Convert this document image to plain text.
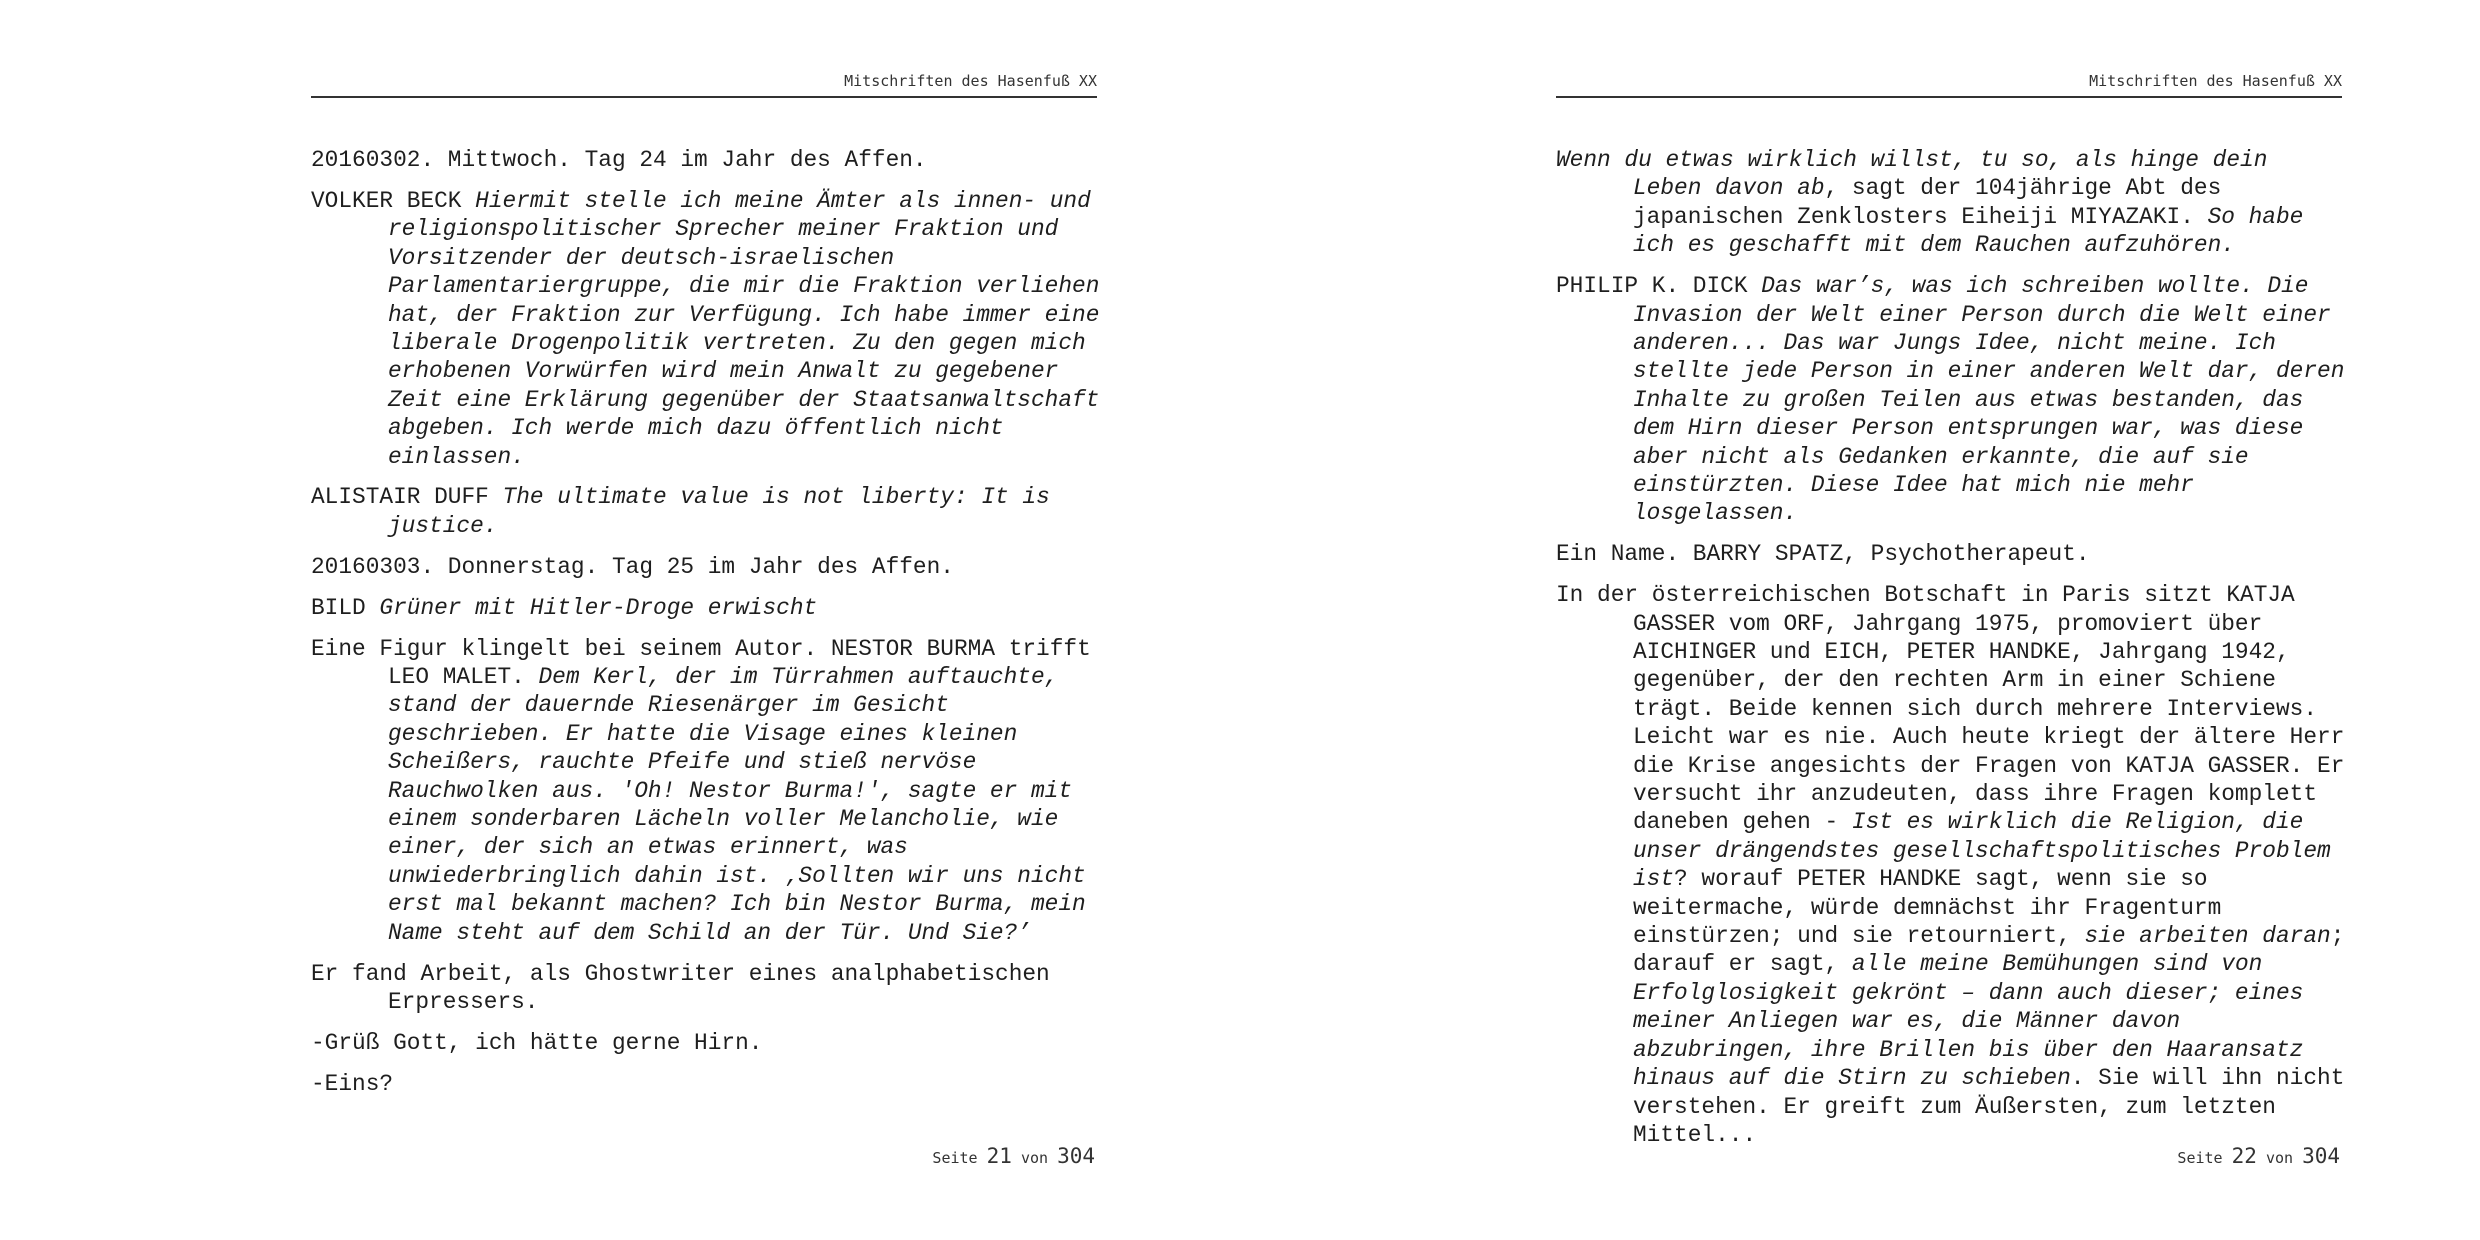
Mitschriften des Hasenfuß XX

20160302. Mittwoch. Tag 24 im Jahr des Affen.

VOLKER BECK Hiermit stelle ich meine Ämter als innen- und religionspolitischer Sprecher meiner Fraktion und Vorsitzender der deutsch-israelischen Parlamentariergruppe, die mir die Fraktion verliehen hat, der Fraktion zur Verfügung. Ich habe immer eine liberale Drogenpolitik vertreten. Zu den gegen mich erhobenen Vorwürfen wird mein Anwalt zu gegebener Zeit eine Erklärung gegenüber der Staatsanwaltschaft abgeben. Ich werde mich dazu öffentlich nicht einlassen.

ALISTAIR DUFF The ultimate value is not liberty: It is justice.

20160303. Donnerstag. Tag 25 im Jahr des Affen.

BILD Grüner mit Hitler-Droge erwischt

Eine Figur klingelt bei seinem Autor. NESTOR BURMA trifft LEO MALET. Dem Kerl, der im Türrahmen auftauchte, stand der dauernde Riesenärger im Gesicht geschrieben. Er hatte die Visage eines kleinen Scheißers, rauchte Pfeife und stieß nervöse Rauchwolken aus. 'Oh! Nestor Burma!', sagte er mit einem sonderbaren Lächeln voller Melancholie, wie einer, der sich an etwas erinnert, was unwiederbringlich dahin ist. ‚Sollten wir uns nicht erst mal bekannt machen? Ich bin Nestor Burma, mein Name steht auf dem Schild an der Tür. Und Sie?’

Er fand Arbeit, als Ghostwriter eines analphabetischen Erpressers.

-Grüß Gott, ich hätte gerne Hirn.

-Eins?

Seite 21 von 304
Mitschriften des Hasenfuß XX

Wenn du etwas wirklich willst, tu so, als hinge dein Leben davon ab, sagt der 104jährige Abt des japanischen Zenklosters Eiheiji MIYAZAKI. So habe ich es geschafft mit dem Rauchen aufzuhören.

PHILIP K. DICK Das war’s, was ich schreiben wollte. Die Invasion der Welt einer Person durch die Welt einer anderen... Das war Jungs Idee, nicht meine. Ich stellte jede Person in einer anderen Welt dar, deren Inhalte zu großen Teilen aus etwas bestanden, das dem Hirn dieser Person entsprungen war, was diese aber nicht als Gedanken erkannte, die auf sie einstürzten. Diese Idee hat mich nie mehr losgelassen.

Ein Name. BARRY SPATZ, Psychotherapeut.

In der österreichischen Botschaft in Paris sitzt KATJA GASSER vom ORF, Jahrgang 1975, promoviert über AICHINGER und EICH, PETER HANDKE, Jahrgang 1942, gegenüber, der den rechten Arm in einer Schiene trägt. Beide kennen sich durch mehrere Interviews. Leicht war es nie. Auch heute kriegt der ältere Herr die Krise angesichts der Fragen von KATJA GASSER. Er versucht ihr anzudeuten, dass ihre Fragen komplett daneben gehen - Ist es wirklich die Religion, die unser drängendstes gesellschaftspolitisches Problem ist? worauf PETER HANDKE sagt, wenn sie so weitermache, würde demnächst ihr Fragenturm einstürzen; und sie retourniert, sie arbeiten daran; darauf er sagt, alle meine Bemühungen sind von Erfolglosigkeit gekrönt – dann auch dieser; eines meiner Anliegen war es, die Männer davon abzubringen, ihre Brillen bis über den Haaransatz hinaus auf die Stirn zu schieben. Sie will ihn nicht verstehen. Er greift zum Äußersten, zum letzten Mittel...

Seite 22 von 304
